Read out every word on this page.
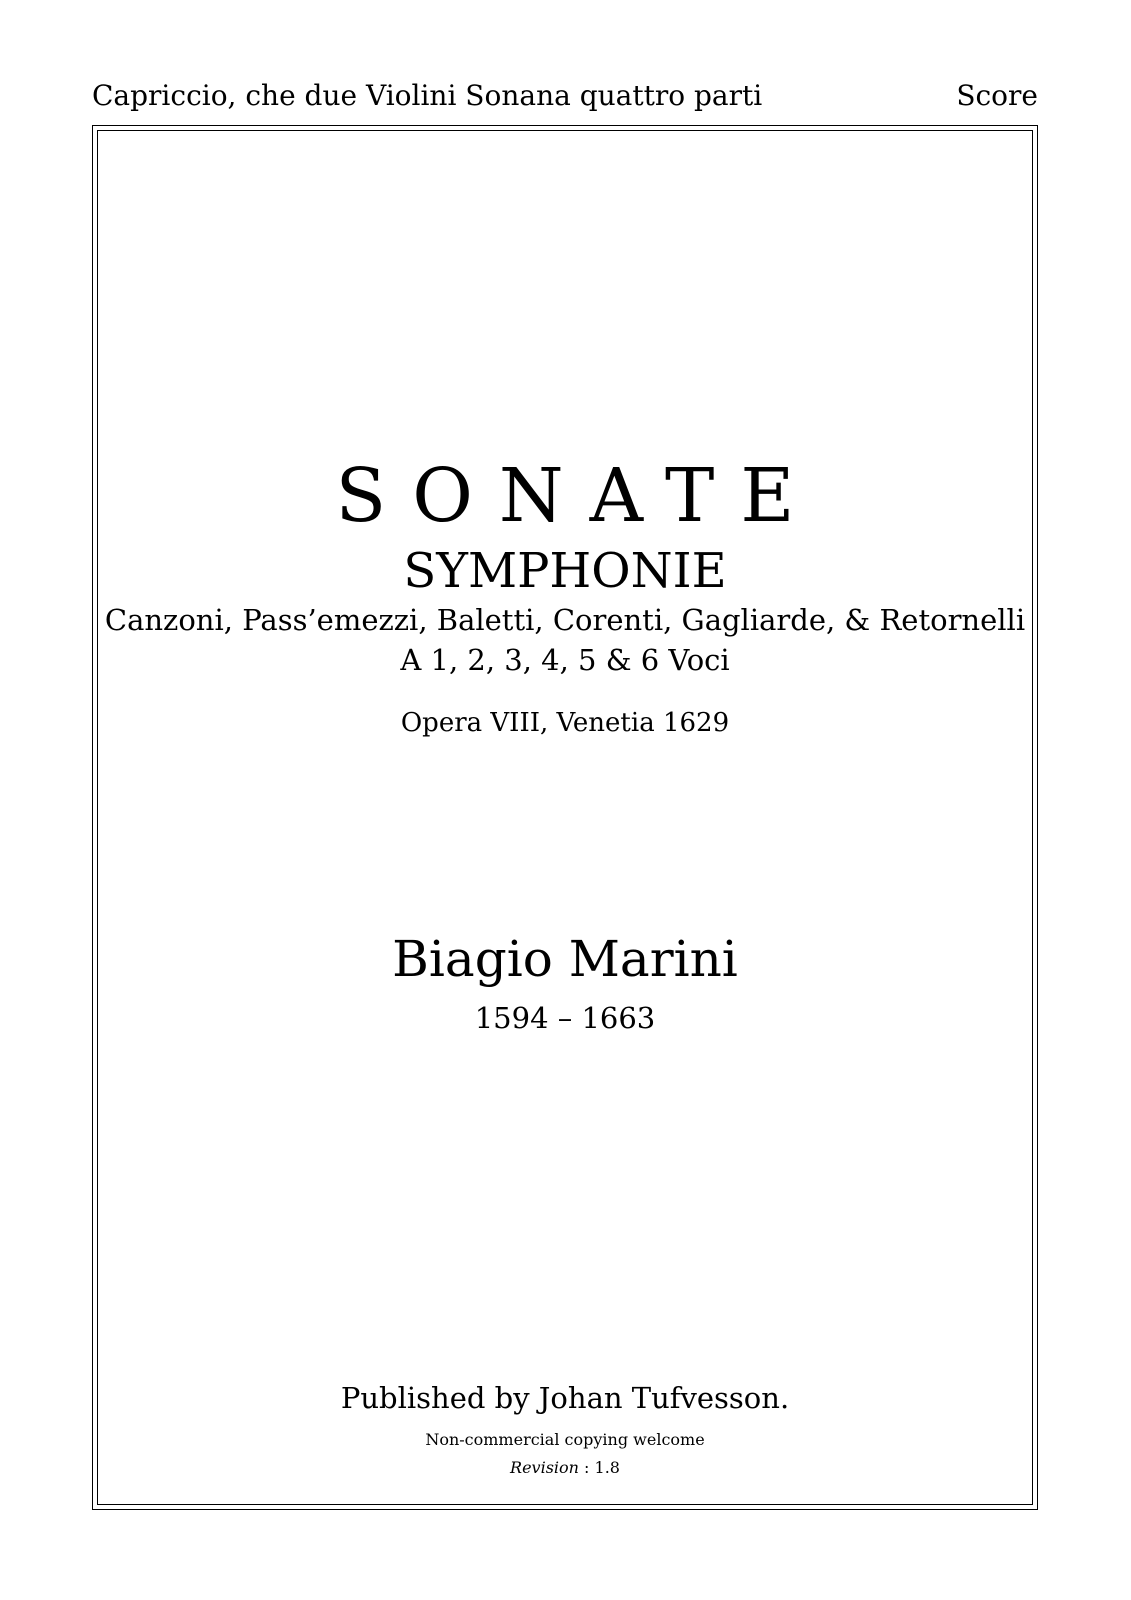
Capriccio, che due Violini Sonana quattro parti	Score
SONATE
SYMPHONIE
Canzoni, Pass’emezzi, Baletti, Corenti, Gagliarde, & Retornelli
A 1, 2, 3, 4, 5 & 6 Voci
Opera VIII, Venetia 1629
Biagio Marini
1594 – 1663
Published by Johan Tufvesson.
Non-commercial copying welcome
Revision : 1.8
